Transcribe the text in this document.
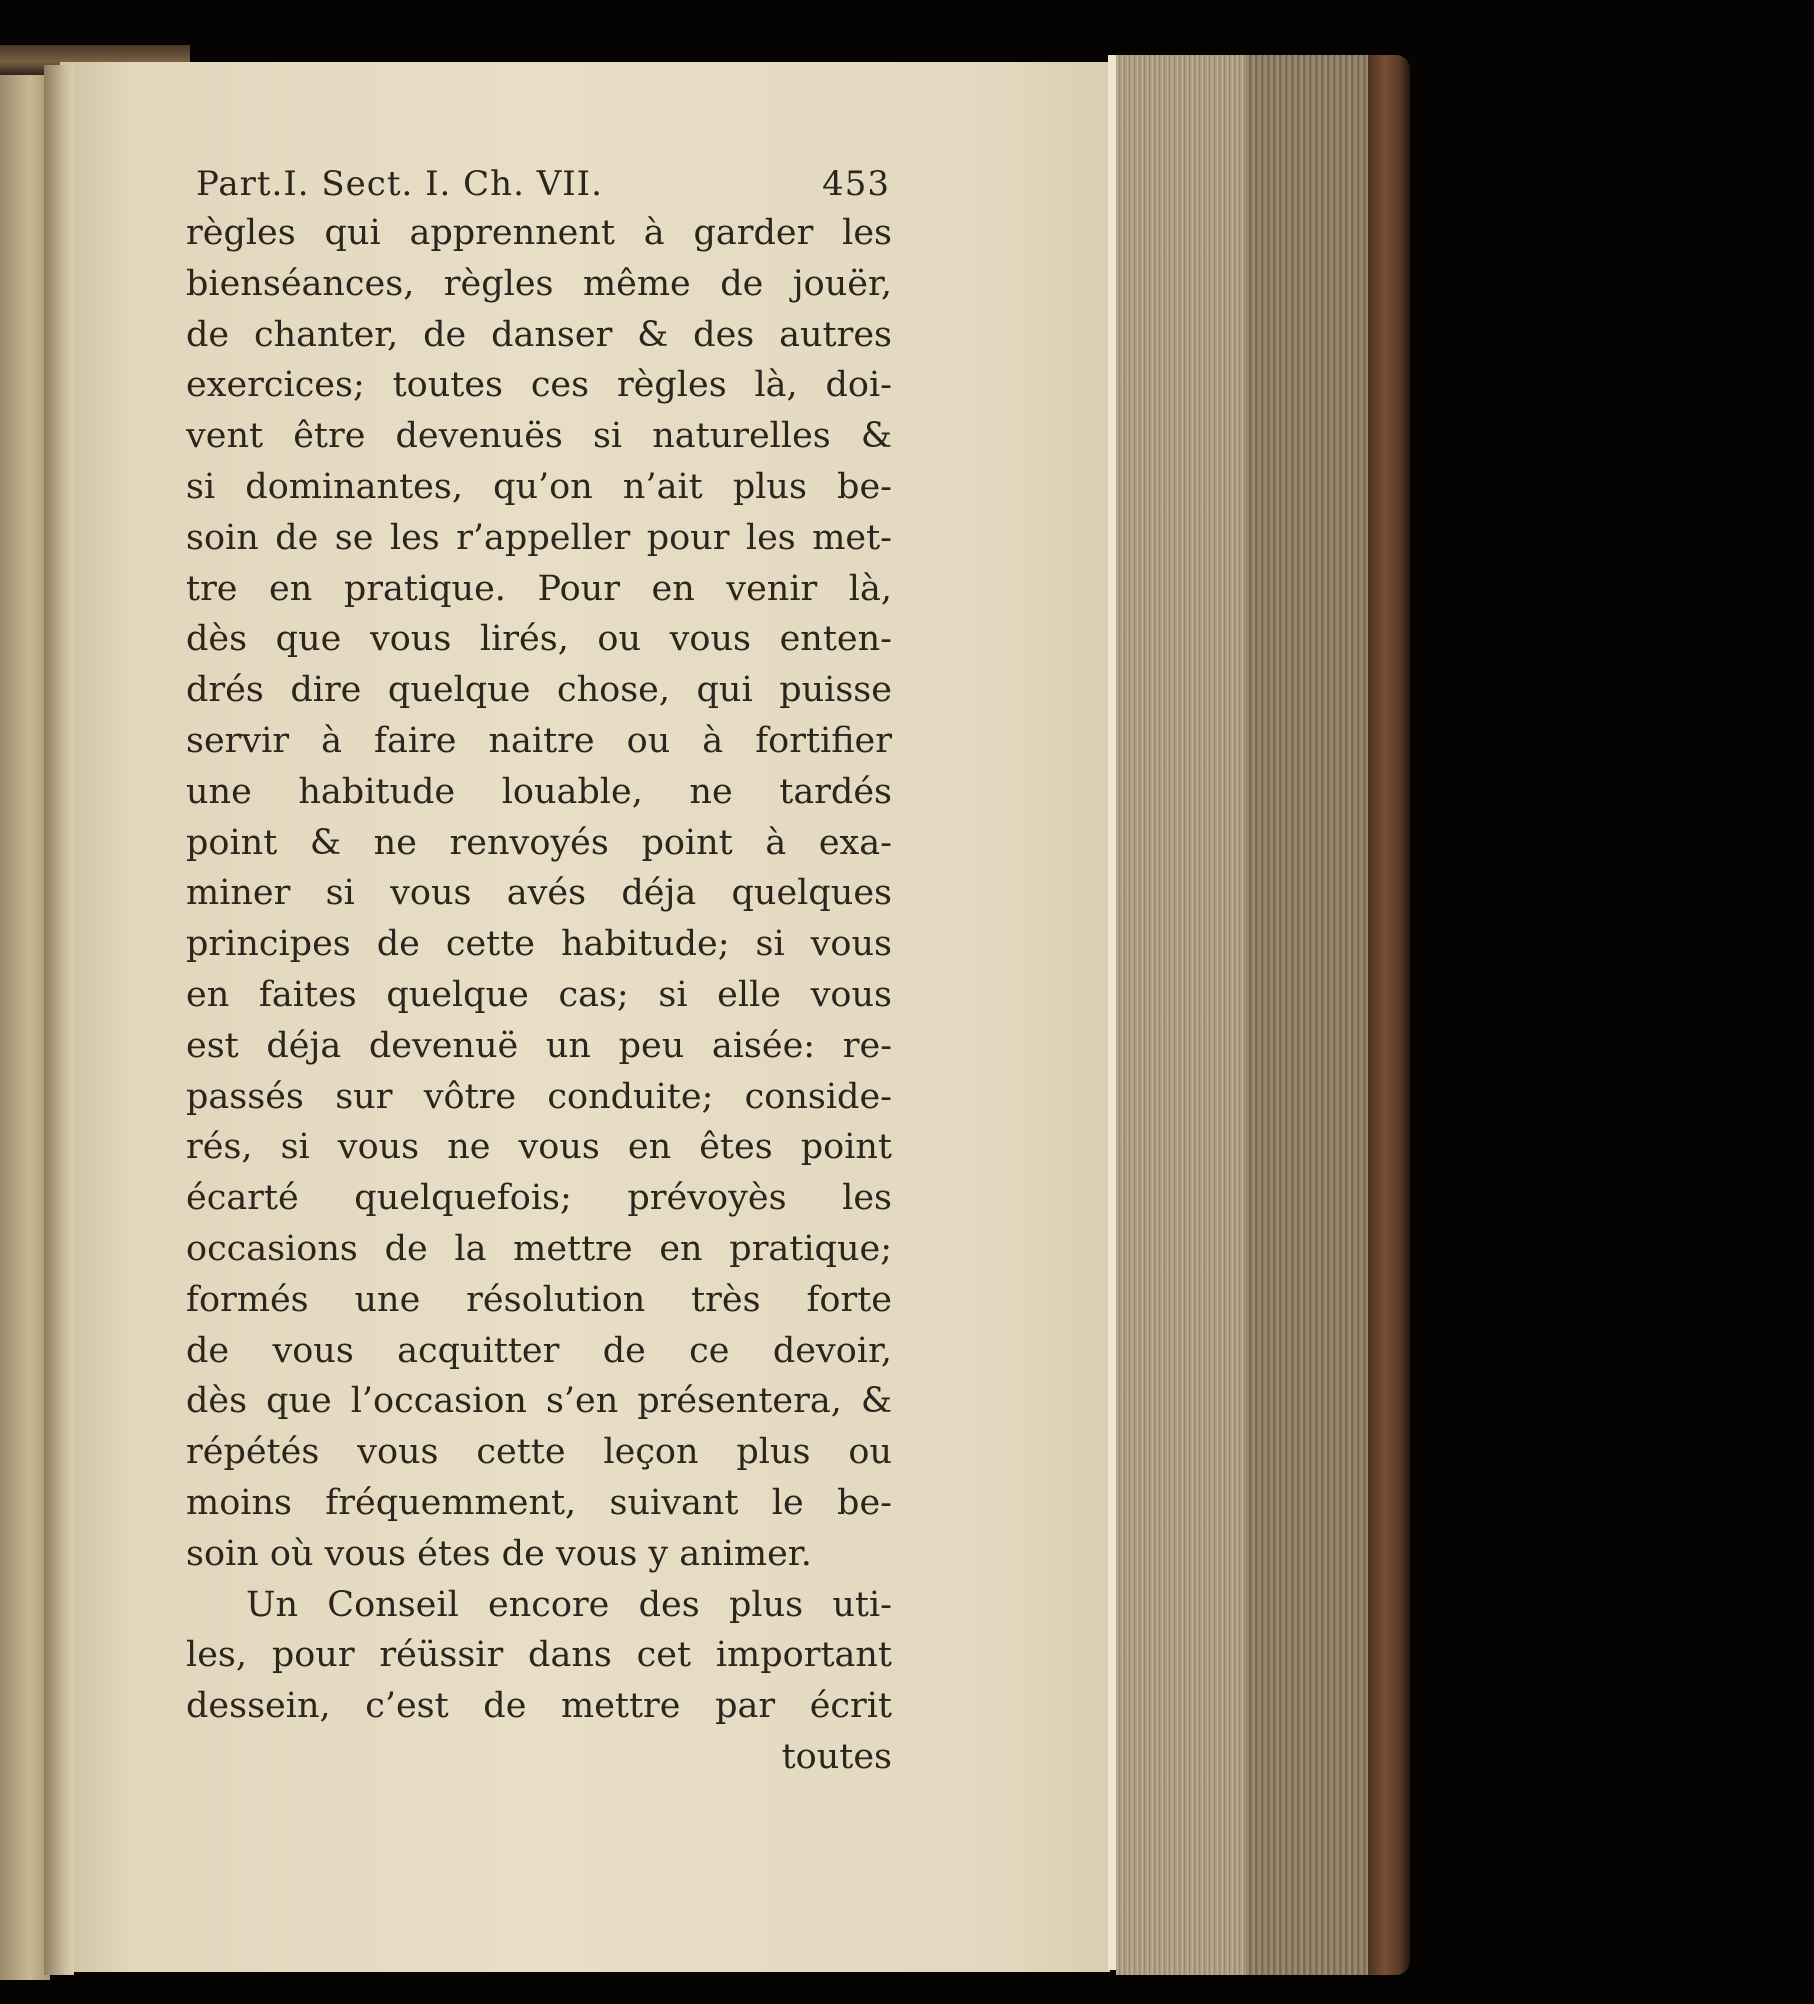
Part.I. Sect. I. Ch. VII.	453
règles qui apprennent à garder les
bienséances, règles même de jouër,
de chanter, de danser & des autres
exercices; toutes ces règles là, doi-
vent être devenuës si naturelles &
si dominantes, qu’on n’ait plus be-
soin de se les r’appeller pour les met-
tre en pratique. Pour en venir là,
dès que vous lirés, ou vous enten-
drés dire quelque chose, qui puisse
servir à faire naitre ou à fortifier
une habitude louable, ne tardés
point & ne renvoyés point à exa-
miner si vous avés déja quelques
principes de cette habitude; si vous
en faites quelque cas; si elle vous
est déja devenuë un peu aisée: re-
passés sur vôtre conduite; conside-
rés, si vous ne vous en êtes point
écarté quelquefois; prévoyès les
occasions de la mettre en pratique;
formés une résolution très forte
de vous acquitter de ce devoir,
dès que l’occasion s’en présentera, &
répétés vous cette leçon plus ou
moins fréquemment, suivant le be-
soin où vous étes de vous y animer.
Un Conseil encore des plus uti-
les, pour réüssir dans cet important
dessein, c’est de mettre par écrit
toutes
